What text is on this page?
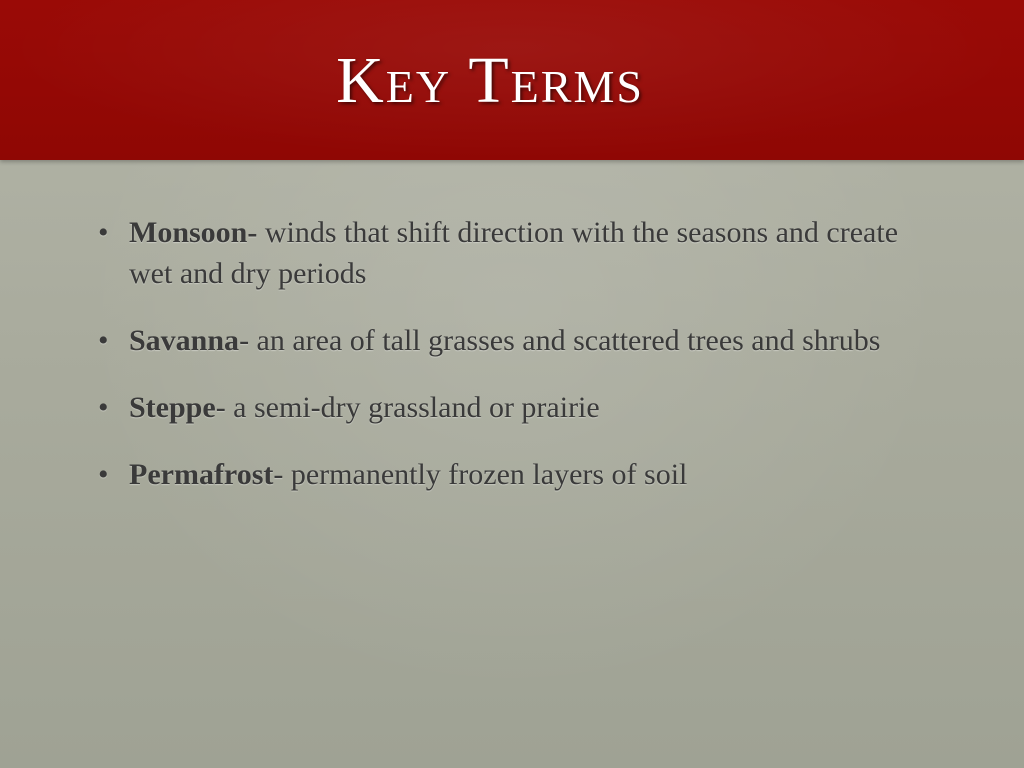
Key Terms
• Monsoon- winds that shift direction with the seasons and create wet and dry periods
• Savanna- an area of tall grasses and scattered trees and shrubs
• Steppe- a semi-dry grassland or prairie
• Permafrost- permanently frozen layers of soil
